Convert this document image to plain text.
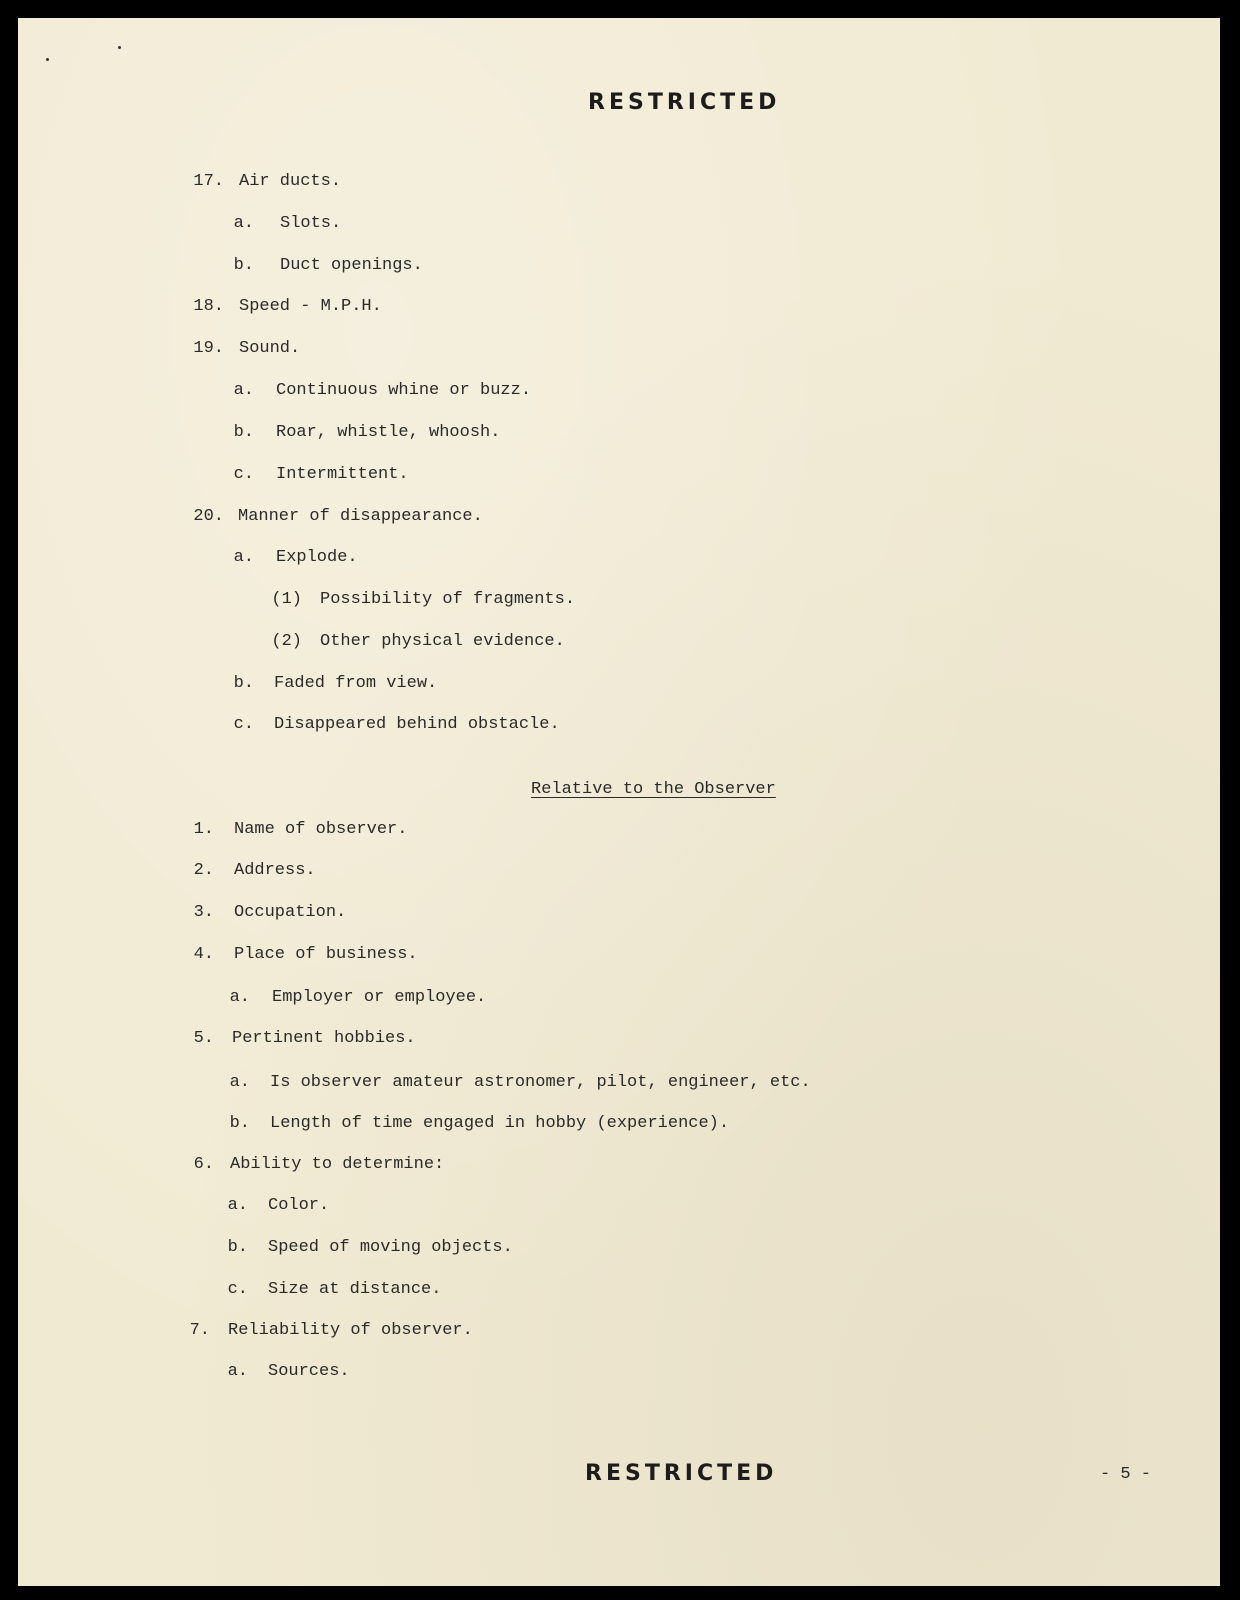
RESTRICTED
17. Air ducts.
a. Slots.
b. Duct openings.
18. Speed - M.P.H.
19. Sound.
a. Continuous whine or buzz.
b. Roar, whistle, whoosh.
c. Intermittent.
20. Manner of disappearance.
a. Explode.
(1) Possibility of fragments.
(2) Other physical evidence.
b. Faded from view.
c. Disappeared behind obstacle.
Relative to the Observer
1. Name of observer.
2. Address.
3. Occupation.
4. Place of business.
a. Employer or employee.
5. Pertinent hobbies.
a. Is observer amateur astronomer, pilot, engineer, etc.
b. Length of time engaged in hobby (experience).
6. Ability to determine:
a. Color.
b. Speed of moving objects.
c. Size at distance.
7. Reliability of observer.
a. Sources.
RESTRICTED	- 5 -
